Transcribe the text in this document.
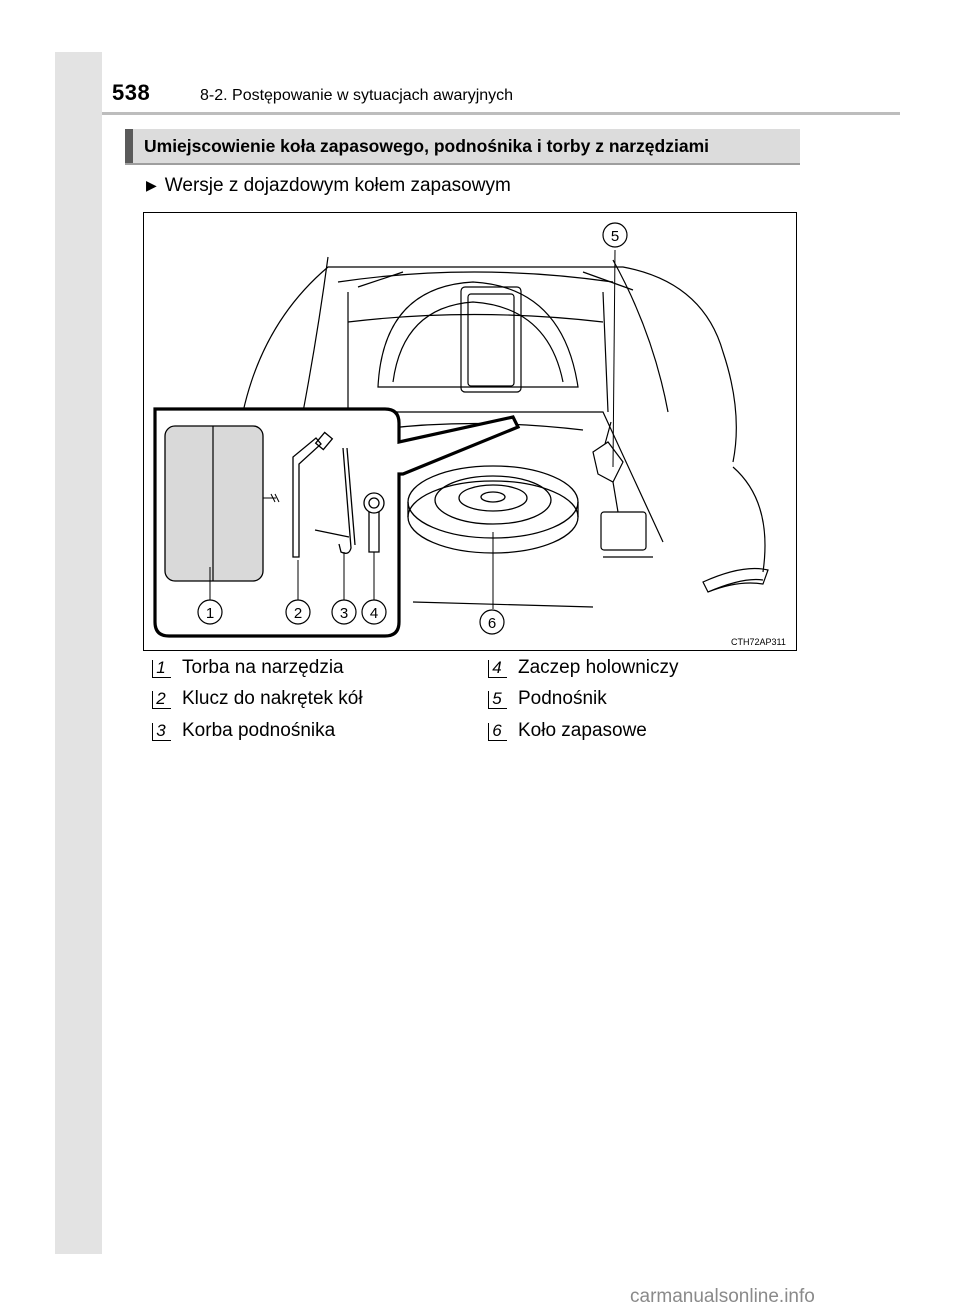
538	8-2. Postępowanie w sytuacjach awaryjnych
Umiejscowienie koła zapasowego, podnośnika i torby z narzędziami
▶ Wersje z dojazdowym kołem zapasowym
5
6
1	2	3 4
CTH72AP311
1 Torba na narzędzia
2 Klucz do nakrętek kół
3 Korba podnośnika
4 Zaczep holowniczy
5 Podnośnik
6 Koło zapasowe
carmanualsonline.info
